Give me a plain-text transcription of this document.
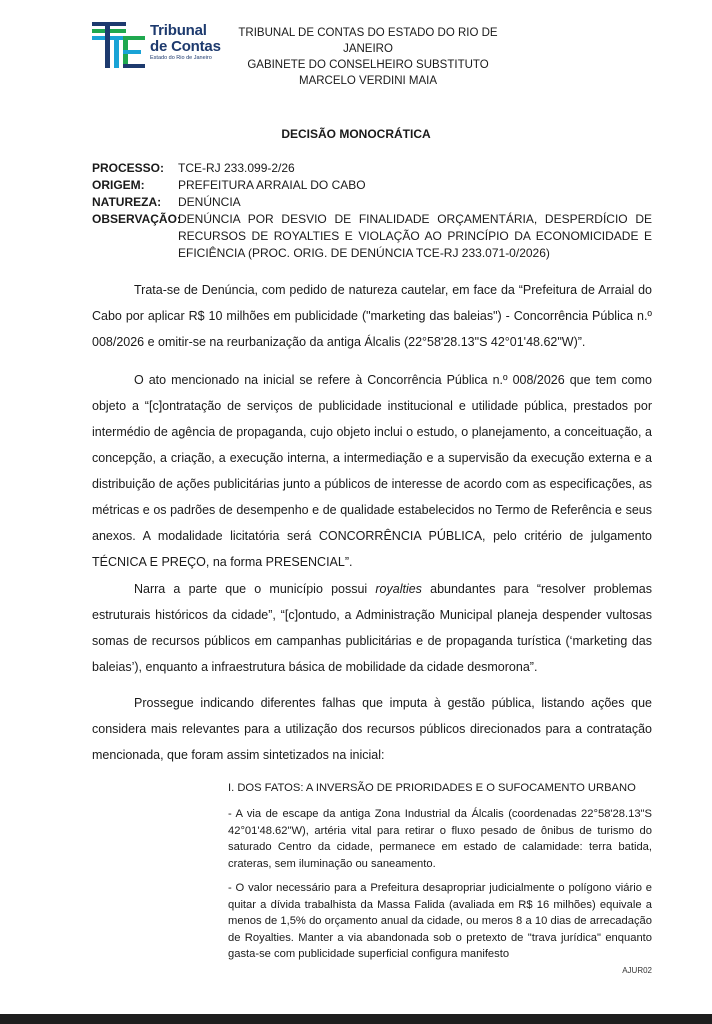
Tribunal
de Contas
Estado do Rio de Janeiro
TRIBUNAL DE CONTAS DO ESTADO DO RIO DE JANEIRO
GABINETE DO CONSELHEIRO SUBSTITUTO
MARCELO VERDINI MAIA
DECISÃO MONOCRÁTICA
PROCESSO:	TCE-RJ 233.099-2/26
ORIGEM:	PREFEITURA ARRAIAL DO CABO
NATUREZA:	DENÚNCIA
OBSERVAÇÃO:
DENÚNCIA POR DESVIO DE FINALIDADE ORÇAMENTÁRIA, DESPERDÍCIO DE RECURSOS DE ROYALTIES E VIOLAÇÃO AO PRINCÍPIO DA ECONOMICIDADE E EFICIÊNCIA (PROC. ORIG. DE DENÚNCIA TCE-RJ 233.071-0/2026)
Trata-se de Denúncia, com pedido de natureza cautelar, em face da “Prefeitura de Arraial do Cabo por aplicar R$ 10 milhões em publicidade ("marketing das baleias") - Concorrência Pública n.º 008/2026 e omitir-se na reurbanização da antiga Álcalis (22°58'28.13"S 42°01'48.62"W)”.
O ato mencionado na inicial se refere à Concorrência Pública n.º 008/2026 que tem como objeto a “[c]ontratação de serviços de publicidade institucional e utilidade pública, prestados por intermédio de agência de propaganda, cujo objeto inclui o estudo, o planejamento, a conceituação, a concepção, a criação, a execução interna, a intermediação e a supervisão da execução externa e a distribuição de ações publicitárias junto a públicos de interesse de acordo com as especificações, as métricas e os padrões de desempenho e de qualidade estabelecidos no Termo de Referência e seus anexos. A modalidade licitatória será CONCORRÊNCIA PÚBLICA, pelo critério de julgamento TÉCNICA E PREÇO, na forma PRESENCIAL”.
Narra a parte que o município possui royalties abundantes para “resolver problemas estruturais históricos da cidade”, “[c]ontudo, a Administração Municipal planeja despender vultosas somas de recursos públicos em campanhas publicitárias e de propaganda turística (‘marketing das baleias’), enquanto a infraestrutura básica de mobilidade da cidade desmorona”.
Prossegue indicando diferentes falhas que imputa à gestão pública, listando ações que considera mais relevantes para a utilização dos recursos públicos direcionados para a contratação mencionada, que foram assim sintetizados na inicial:
I. DOS FATOS: A INVERSÃO DE PRIORIDADES E O SUFOCAMENTO URBANO
- A via de escape da antiga Zona Industrial da Álcalis (coordenadas 22°58'28.13"S 42°01'48.62"W), artéria vital para retirar o fluxo pesado de ônibus de turismo do saturado Centro da cidade, permanece em estado de calamidade: terra batida, crateras, sem iluminação ou saneamento.
- O valor necessário para a Prefeitura desapropriar judicialmente o polígono viário e quitar a dívida trabalhista da Massa Falida (avaliada em R$ 16 milhões) equivale a menos de 1,5% do orçamento anual da cidade, ou meros 8 a 10 dias de arrecadação de Royalties. Manter a via abandonada sob o pretexto de "trava jurídica" enquanto gasta-se com publicidade superficial configura manifesto
AJUR02
